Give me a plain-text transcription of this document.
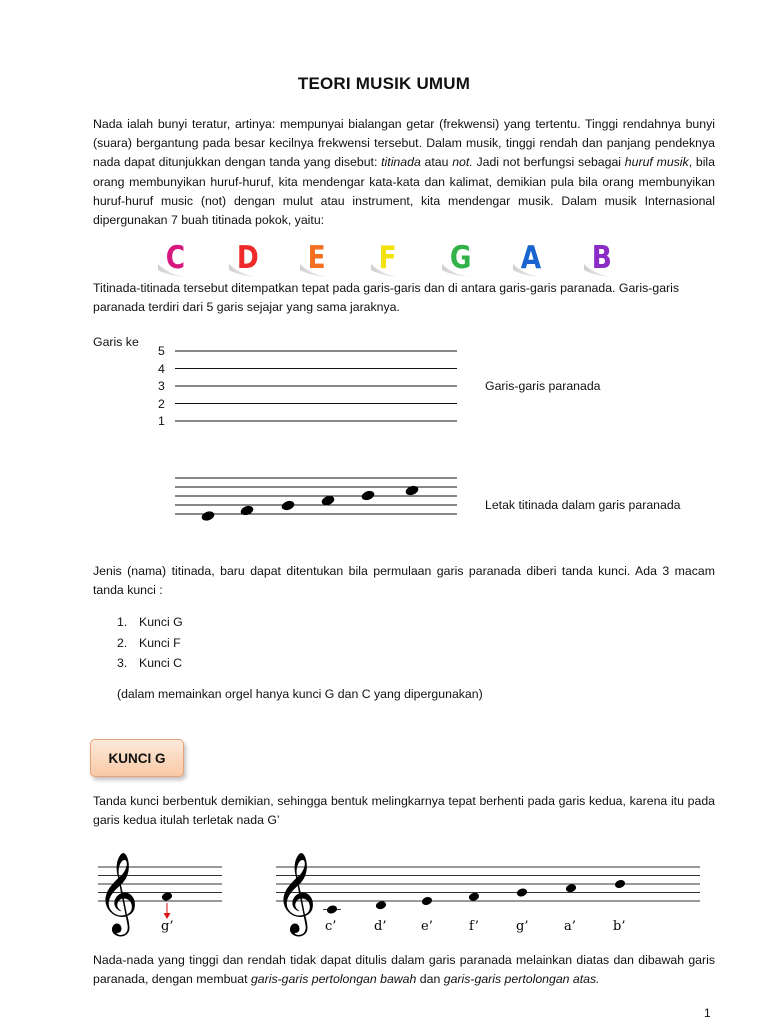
TEORI MUSIK UMUM
Nada ialah bunyi teratur, artinya: mempunyai bialangan getar (frekwensi) yang tertentu. Tinggi rendahnya bunyi (suara) bergantung pada besar kecilnya frekwensi tersebut. Dalam musik, tinggi rendah dan panjang pendeknya nada dapat ditunjukkan dengan tanda yang disebut: titinada atau not. Jadi not berfungsi sebagai huruf musik, bila orang membunyikan huruf-huruf, kita mendengar kata-kata dan kalimat, demikian pula bila orang membunyikan huruf-huruf music (not) dengan mulut atau instrument, kita mendengar musik. Dalam musik Internasional dipergunakan 7 buah titinada pokok, yaitu:
C D E F G A B
Titinada-titinada tersebut ditempatkan tepat pada garis-garis dan di antara garis-garis paranada. Garis-garis paranada terdiri dari 5 garis sejajar yang sama jaraknya.
Garis ke
5
4
3
2
1
Garis-garis paranada
Letak titinada dalam garis paranada
Jenis (nama) titinada, baru dapat ditentukan bila permulaan garis paranada diberi tanda kunci. Ada 3 macam tanda kunci :
1. Kunci G
2. Kunci F
3. Kunci C
(dalam memainkan orgel hanya kunci G dan C yang dipergunakan)
KUNCI G
Tanda kunci berbentuk demikian, sehingga bentuk melingkarnya tepat berhenti pada garis kedua, karena itu pada garis kedua itulah terletak nada G’
𝄞 g’ 𝄞 c’	d’	e’	f’	g’	a’	b’
Nada-nada yang tinggi dan rendah tidak dapat ditulis dalam garis paranada melainkan diatas dan dibawah garis paranada, dengan membuat garis-garis pertolongan bawah dan garis-garis pertolongan atas.
1
